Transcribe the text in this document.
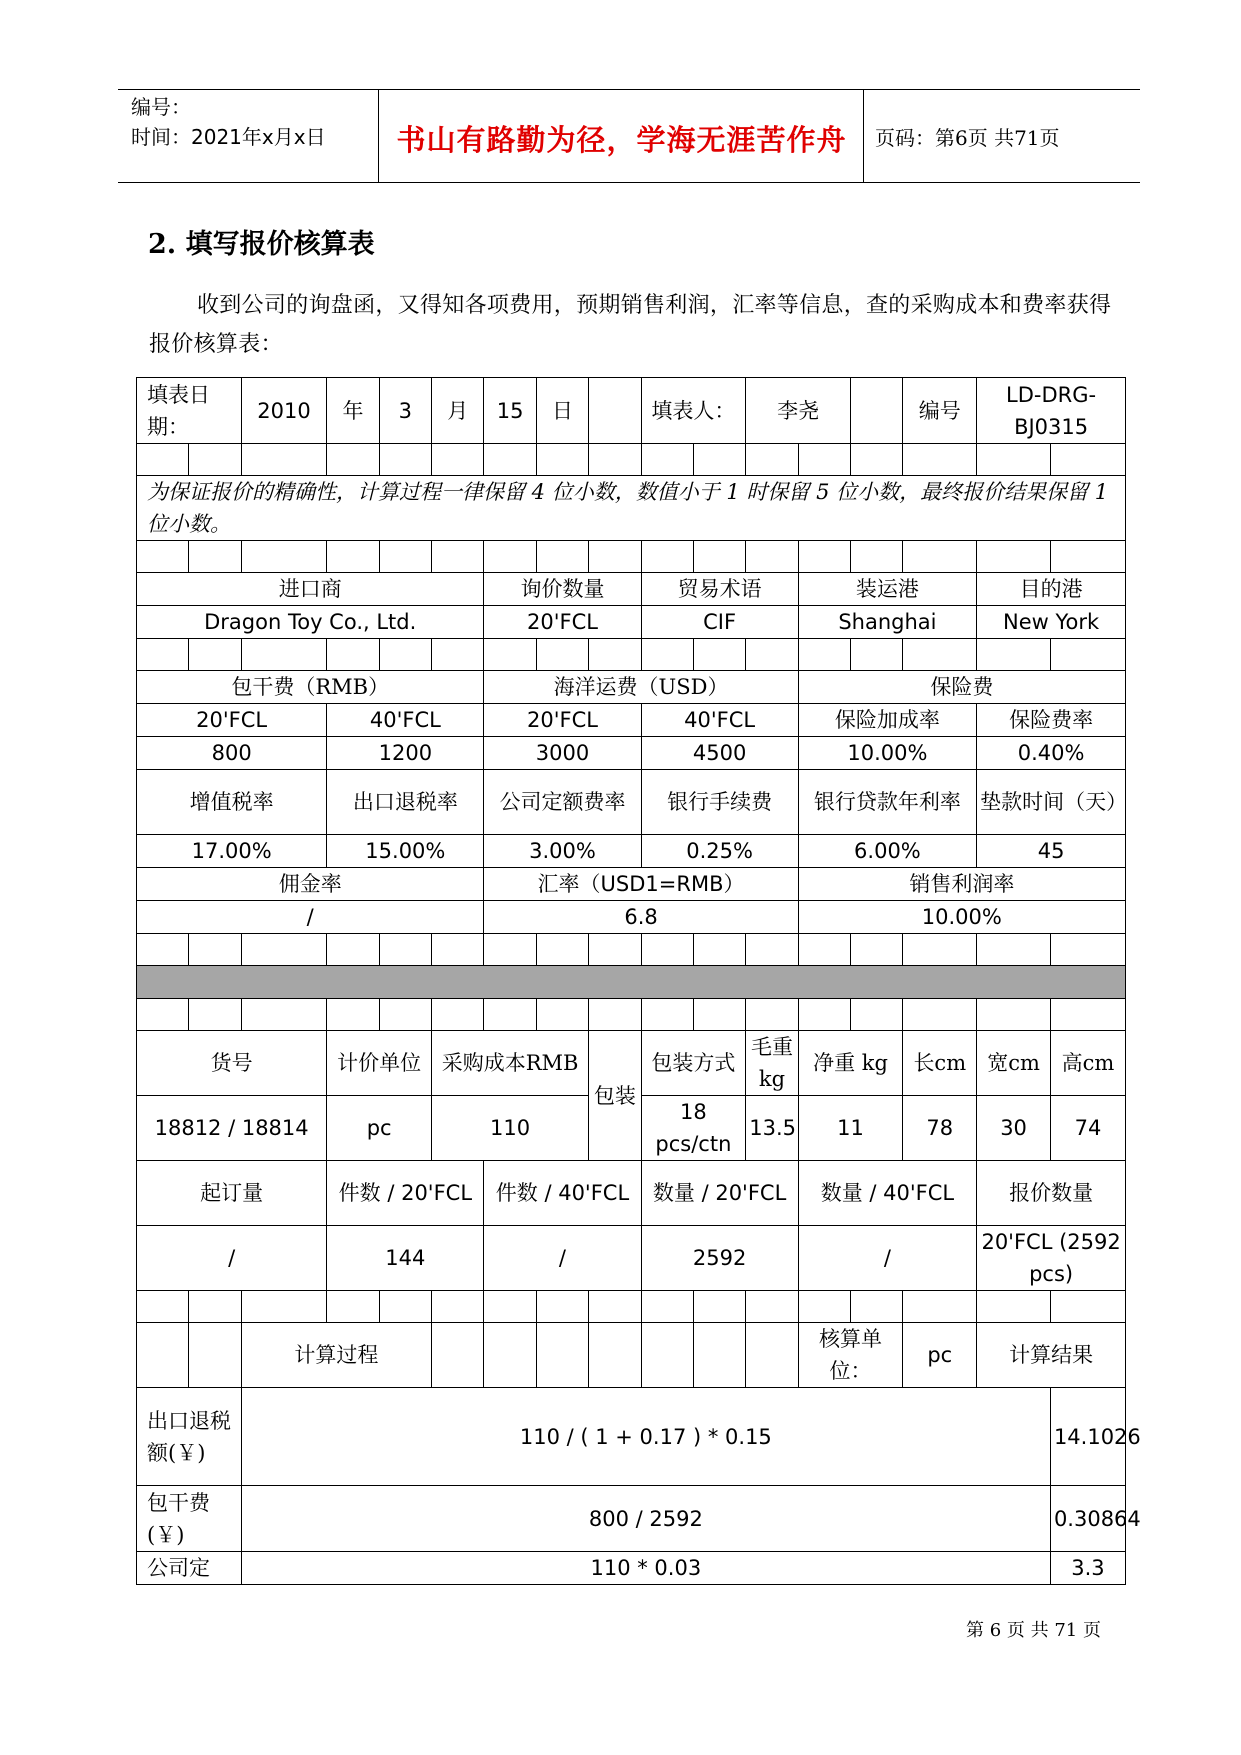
编号：
时间：2021年x月x日	书山有路勤为径，学海无涯苦作舟	页码：第6页 共71页
2. 填写报价核算表
收到公司的询盘函，又得知各项费用，预期销售利润，汇率等信息，查的采购成本和费率获得报价核算表：
填表日期：		2010	年	3	月	15	日		填表人：		李尧			编号	LD-DRG-BJ0315	

为保证报价的精确性，计算过程一律保留 4 位小数，数值小于 1 时保留 5 位小数，最终报价结果保留 1 位小数。																

进口商						询价数量			贸易术语			装运港			目的港	
Dragon Toy Co., Ltd.						20'FCL			CIF			Shanghai			New York	

包干费（RMB）						海洋运费（USD）						保险费				
20'FCL			40'FCL			20'FCL			40'FCL			保险加成率			保险费率	
800			1200			3000			4500			10.00%			0.40%	
增值税率			出口退税率			公司定额费率			银行手续费			银行贷款年利率			垫款时间（天）	
17.00%			15.00%			3.00%			0.25%			6.00%			45	
佣金率						汇率（USD1=RMB）						销售利润率				
/						6.8						10.00%				

货号			计价单位		采购成本RMB			包装	包装方式		毛重kg	净重 kg		长cm	宽cm	高cm
18812 / 18814			pc		110				18 pcs/ctn		13.5	11		78	30	74
起订量			件数 / 20'FCL			件数 / 40'FCL			数量 / 20'FCL			数量 / 40'FCL			报价数量	
/			144			/			2592			/			20'FCL (2592 pcs)	

		计算过程										核算单位：		pc	计算结果	
出口退税额(￥)		110 / ( 1 + 0.17 ) * 0.15														14.1026
包干费(￥)		800 / 2592														0.30864
公司定		110 * 0.03														3.3
第 6 页 共 71 页
